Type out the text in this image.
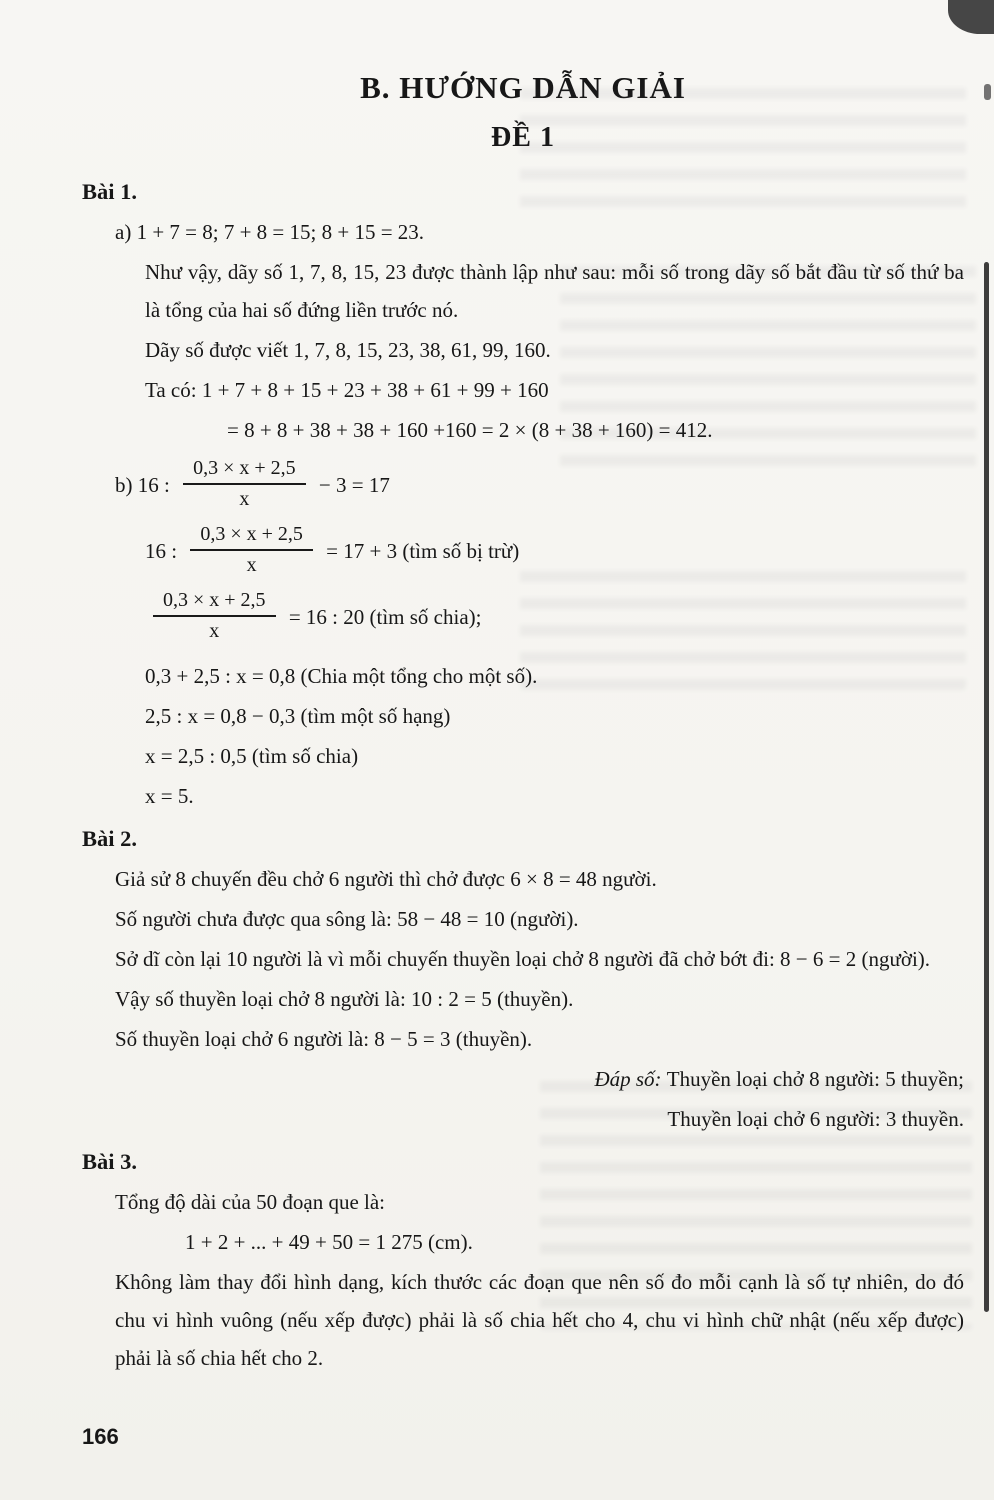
B. HƯỚNG DẪN GIẢI
ĐỀ 1
Bài 1.
a) 1 + 7 = 8; 7 + 8 = 15; 8 + 15 = 23.
Như vậy, dãy số 1, 7, 8, 15, 23 được thành lập như sau: mỗi số trong dãy số bắt đầu từ số thứ ba là tổng của hai số đứng liền trước nó.
Dãy số được viết 1, 7, 8, 15, 23, 38, 61, 99, 160.
Ta có: 1 + 7 + 8 + 15 + 23 + 38 + 61 + 99 + 160
= 8 + 8 + 38 + 38 + 160 +160 = 2 × (8 + 38 + 160) = 412.
b) 16 : $\frac{0,3 \times x + 2,5}{x} - 3 = 17$
16 : $\frac{0,3 \times x + 2,5}{x} = 17 + 3$ (tìm số bị trừ)
$\frac{0,3 \times x + 2,5}{x} = 16$ : 20 (tìm số chia);
0,3 + 2,5 : x = 0,8 (Chia một tổng cho một số).
2,5 : x = 0,8 − 0,3 (tìm một số hạng)
x = 2,5 : 0,5 (tìm số chia)
x = 5.
Bài 2.
Giả sử 8 chuyến đều chở 6 người thì chở được 6 × 8 = 48 người.
Số người chưa được qua sông là: 58 − 48 = 10 (người).
Sở dĩ còn lại 10 người là vì mỗi chuyến thuyền loại chở 8 người đã chở bớt đi: 8 − 6 = 2 (người).
Vậy số thuyền loại chở 8 người là: 10 : 2 = 5 (thuyền).
Số thuyền loại chở 6 người là: 8 − 5 = 3 (thuyền).
Đáp số: Thuyền loại chở 8 người: 5 thuyền;
Thuyền loại chở 6 người: 3 thuyền.
Bài 3.
Tổng độ dài của 50 đoạn que là:
1 + 2 + ... + 49 + 50 = 1 275 (cm).
Không làm thay đổi hình dạng, kích thước các đoạn que nên số đo mỗi cạnh là số tự nhiên, do đó chu vi hình vuông (nếu xếp được) phải là số chia hết cho 4, chu vi hình chữ nhật (nếu xếp được) phải là số chia hết cho 2.
166
